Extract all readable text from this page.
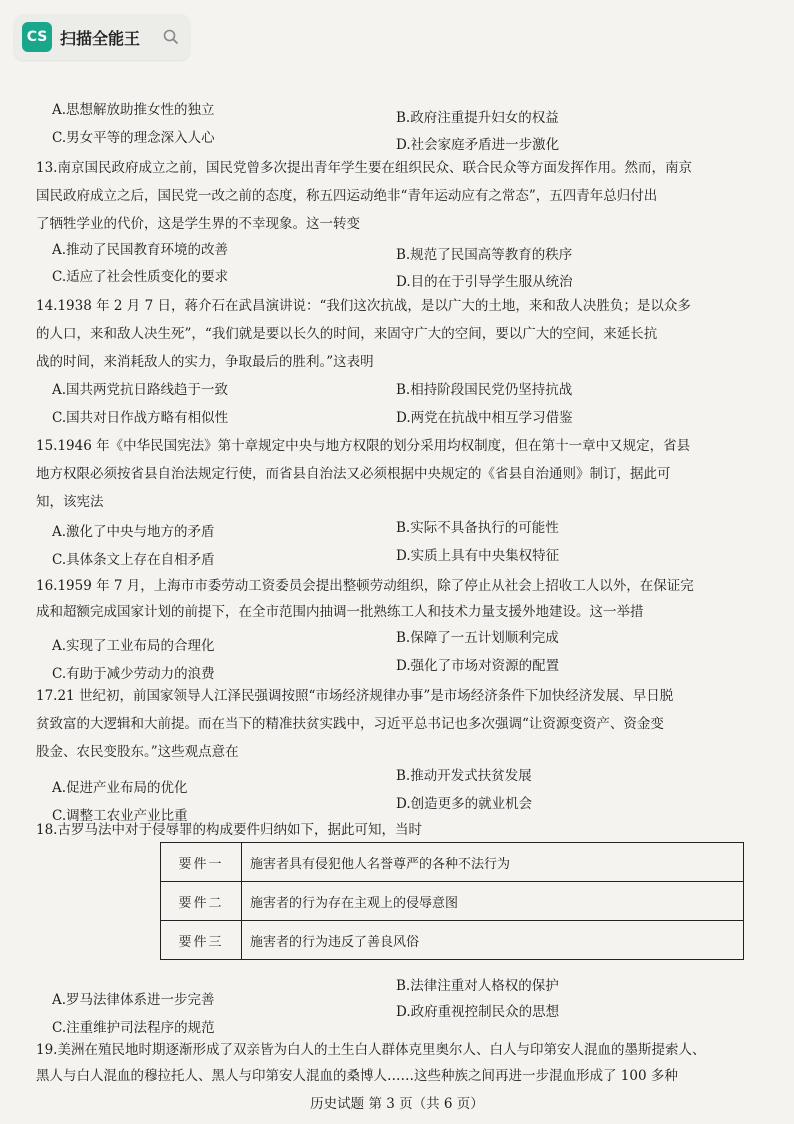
CS 扫描全能王
A.思想解放助推女性的独立	B.政府注重提升妇女的权益
C.男女平等的理念深入人心	D.社会家庭矛盾进一步激化
13.南京国民政府成立之前，国民党曾多次提出青年学生要在组织民众、联合民众等方面发挥作用。然而，南京
国民政府成立之后，国民党一改之前的态度，称五四运动绝非“青年运动应有之常态”，五四青年总归付出
了牺牲学业的代价，这是学生界的不幸现象。这一转变
A.推动了民国教育环境的改善	B.规范了民国高等教育的秩序
C.适应了社会性质变化的要求	D.目的在于引导学生服从统治
14.1938 年 2 月 7 日，蒋介石在武昌演讲说：“我们这次抗战，是以广大的土地，来和敌人决胜负；是以众多
的人口，来和敌人决生死”，“我们就是要以长久的时间，来固守广大的空间，要以广大的空间，来延长抗
战的时间，来消耗敌人的实力，争取最后的胜利。”这表明
A.国共两党抗日路线趋于一致	B.相持阶段国民党仍坚持抗战
C.国共对日作战方略有相似性	D.两党在抗战中相互学习借鉴
15.1946 年《中华民国宪法》第十章规定中央与地方权限的划分采用均权制度，但在第十一章中又规定，省县
地方权限必须按省县自治法规定行使，而省县自治法又必须根据中央规定的《省县自治通则》制订，据此可
知，该宪法
A.激化了中央与地方的矛盾	B.实际不具备执行的可能性
C.具体条文上存在自相矛盾	D.实质上具有中央集权特征
16.1959 年 7 月，上海市市委劳动工资委员会提出整顿劳动组织，除了停止从社会上招收工人以外，在保证完
成和超额完成国家计划的前提下，在全市范围内抽调一批熟练工人和技术力量支援外地建设。这一举措
A.实现了工业布局的合理化	B.保障了一五计划顺利完成
C.有助于减少劳动力的浪费	D.强化了市场对资源的配置
17.21 世纪初，前国家领导人江泽民强调按照“市场经济规律办事”是市场经济条件下加快经济发展、早日脱
贫致富的大逻辑和大前提。而在当下的精准扶贫实践中，习近平总书记也多次强调“让资源变资产、资金变
股金、农民变股东。”这些观点意在
A.促进产业布局的优化
B.推动开发式扶贫发展
C.调整工农业产业比重
D.创造更多的就业机会
18.古罗马法中对于侵辱罪的构成要件归纳如下，据此可知，当时
要件一	施害者具有侵犯他人名誉尊严的各种不法行为
要件二	施害者的行为存在主观上的侵辱意图
要件三	施害者的行为违反了善良风俗
A.罗马法律体系进一步完善
B.法律注重对人格权的保护
C.注重维护司法程序的规范
D.政府重视控制民众的思想
19.美洲在殖民地时期逐渐形成了双亲皆为白人的土生白人群体克里奥尔人、白人与印第安人混血的墨斯提索人、
黑人与白人混血的穆拉托人、黑人与印第安人混血的桑博人……这些种族之间再进一步混血形成了 100 多种
历史试题 第 3 页（共 6 页）
